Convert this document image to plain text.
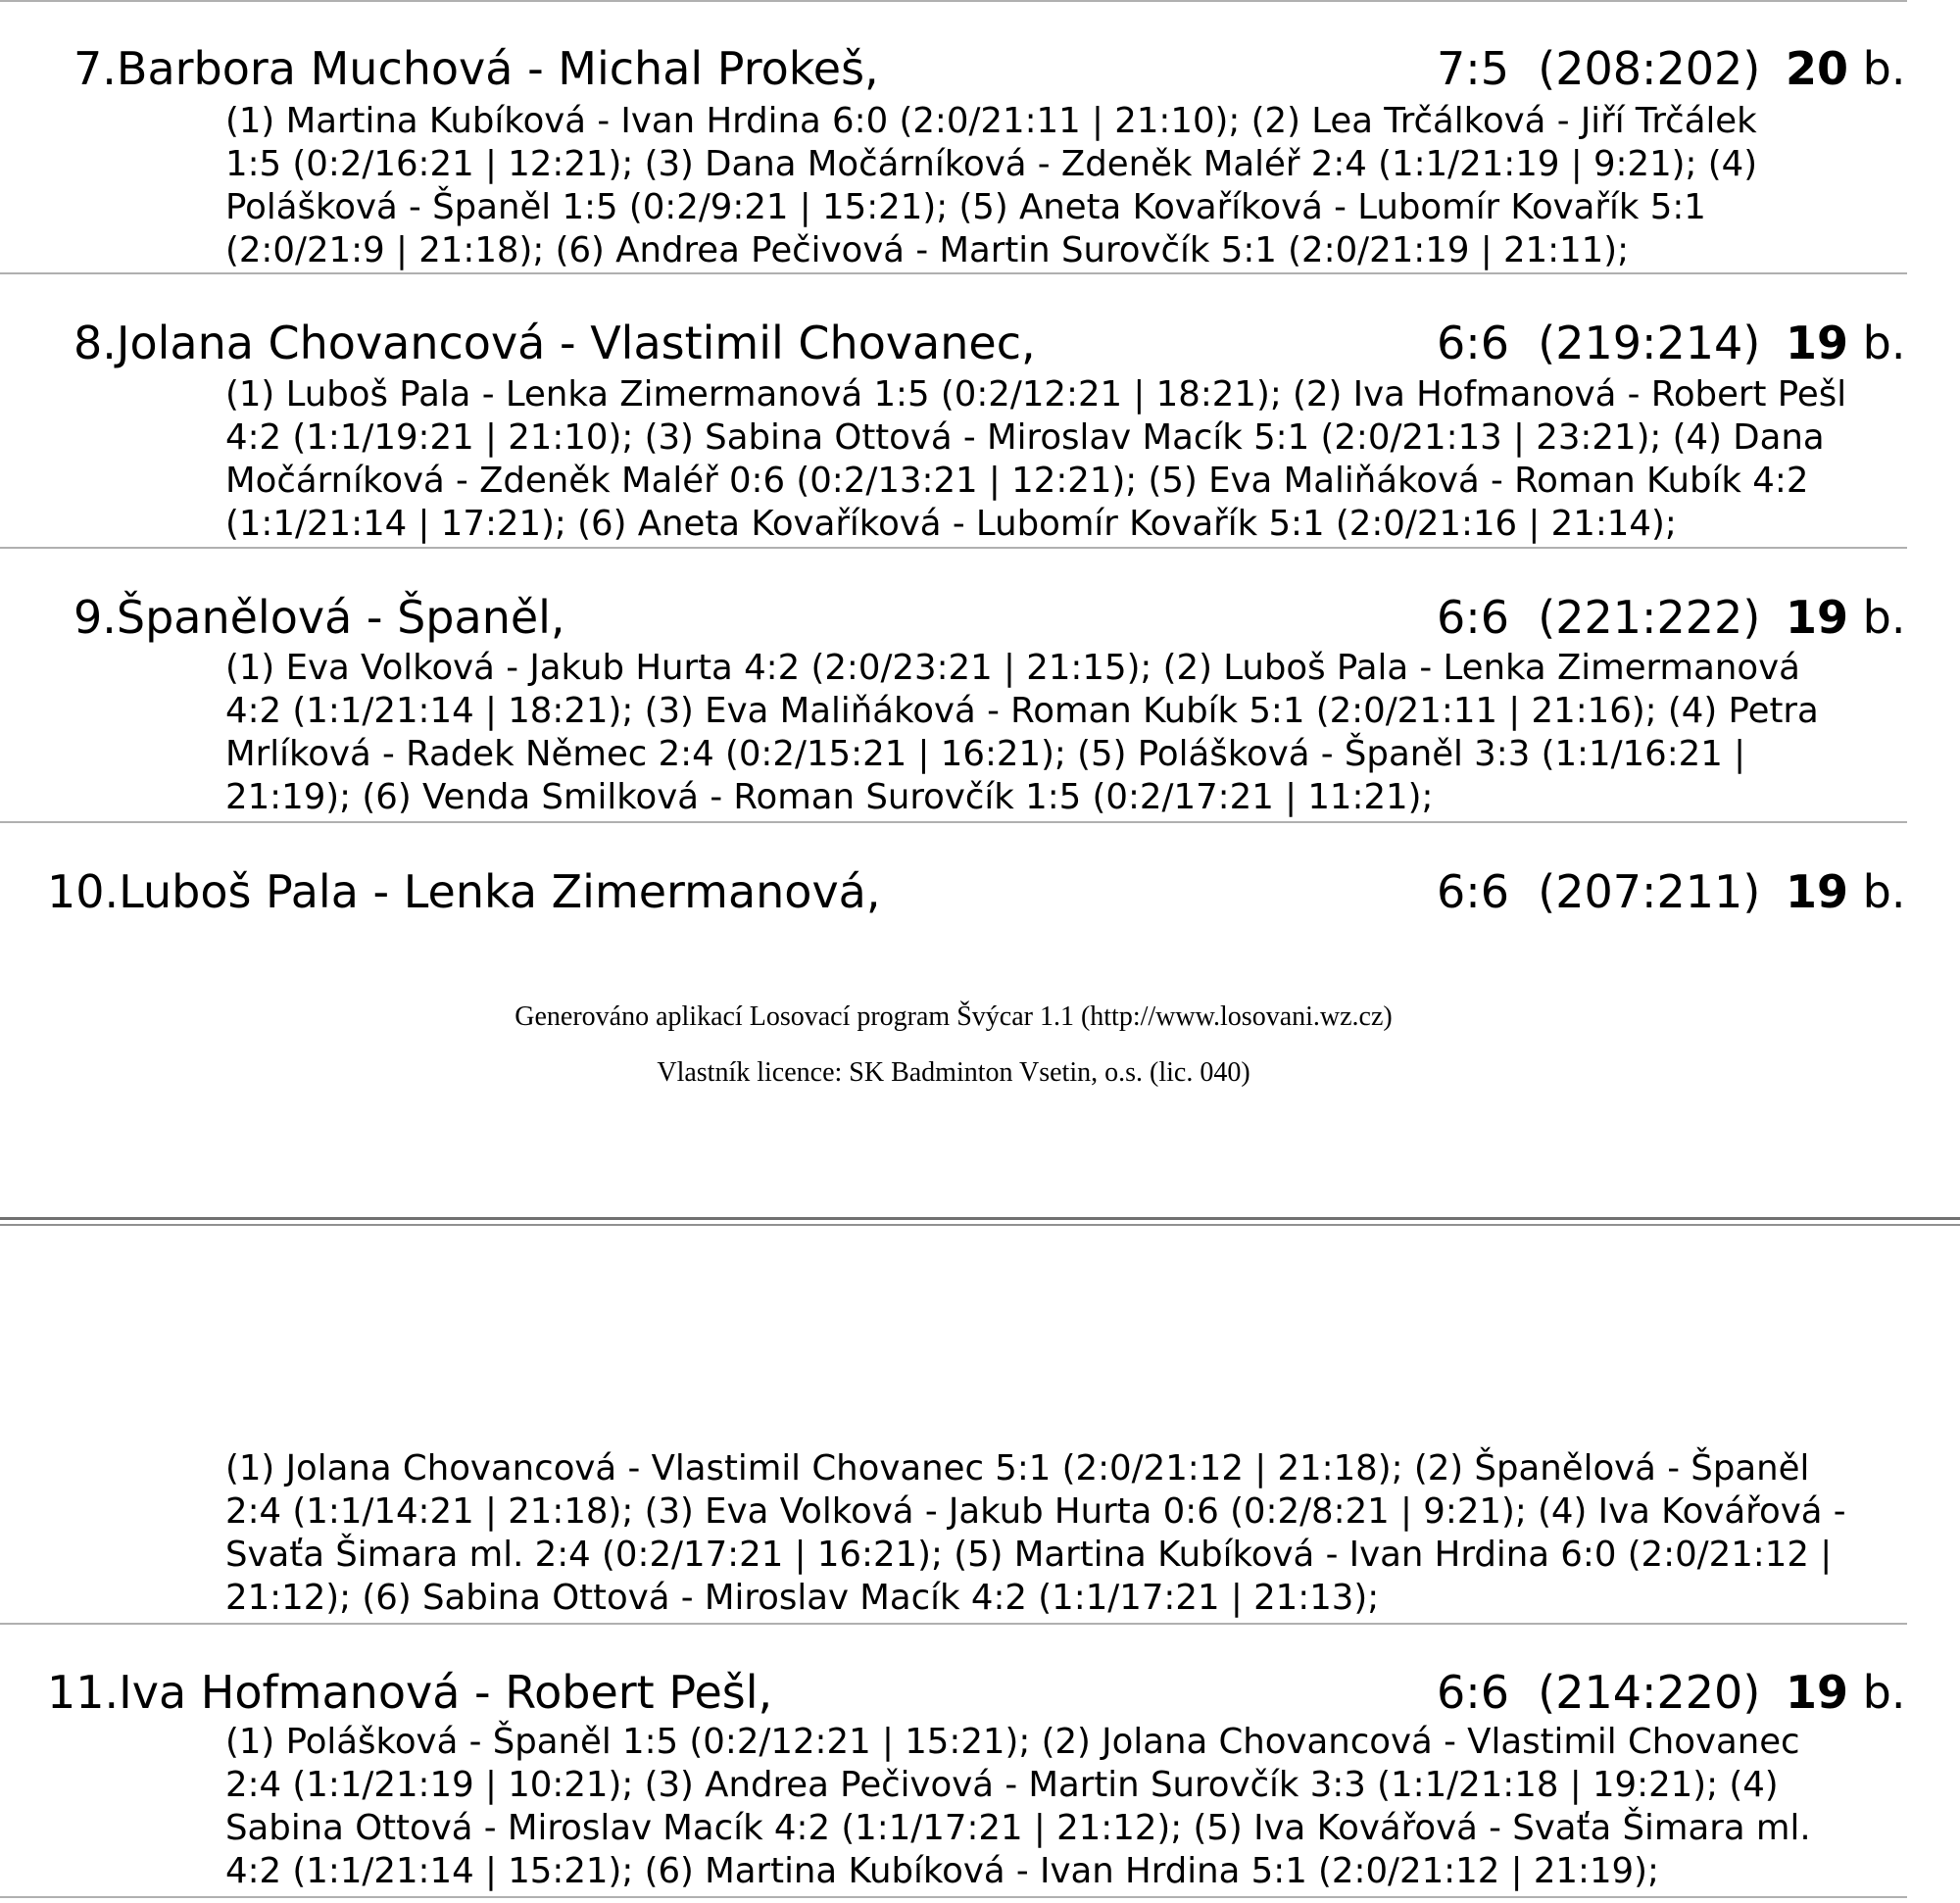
7.Barbora Muchová - Michal Prokeš,	7:5 (208:202) 20 b.
(1) Martina Kubíková - Ivan Hrdina 6:0 (2:0/21:11 | 21:10); (2) Lea Trčálková - Jiří Trčálek
1:5 (0:2/16:21 | 12:21); (3) Dana Močárníková - Zdeněk Maléř 2:4 (1:1/21:19 | 9:21); (4)
Polášková - Španěl 1:5 (0:2/9:21 | 15:21); (5) Aneta Kovaříková - Lubomír Kovařík 5:1
(2:0/21:9 | 21:18); (6) Andrea Pečivová - Martin Surovčík 5:1 (2:0/21:19 | 21:11);
8.Jolana Chovancová - Vlastimil Chovanec,	6:6 (219:214) 19 b.
(1) Luboš Pala - Lenka Zimermanová 1:5 (0:2/12:21 | 18:21); (2) Iva Hofmanová - Robert Pešl
4:2 (1:1/19:21 | 21:10); (3) Sabina Ottová - Miroslav Macík 5:1 (2:0/21:13 | 23:21); (4) Dana
Močárníková - Zdeněk Maléř 0:6 (0:2/13:21 | 12:21); (5) Eva Maliňáková - Roman Kubík 4:2
(1:1/21:14 | 17:21); (6) Aneta Kovaříková - Lubomír Kovařík 5:1 (2:0/21:16 | 21:14);
9.Španělová - Španěl,	6:6 (221:222) 19 b.
(1) Eva Volková - Jakub Hurta 4:2 (2:0/23:21 | 21:15); (2) Luboš Pala - Lenka Zimermanová
4:2 (1:1/21:14 | 18:21); (3) Eva Maliňáková - Roman Kubík 5:1 (2:0/21:11 | 21:16); (4) Petra
Mrlíková - Radek Němec 2:4 (0:2/15:21 | 16:21); (5) Polášková - Španěl 3:3 (1:1/16:21 |
21:19); (6) Venda Smilková - Roman Surovčík 1:5 (0:2/17:21 | 11:21);
10.Luboš Pala - Lenka Zimermanová,	6:6 (207:211) 19 b.
Generováno aplikací Losovací program Švýcar 1.1 (http://www.losovani.wz.cz)
Vlastník licence: SK Badminton Vsetin, o.s. (lic. 040)
(1) Jolana Chovancová - Vlastimil Chovanec 5:1 (2:0/21:12 | 21:18); (2) Španělová - Španěl
2:4 (1:1/14:21 | 21:18); (3) Eva Volková - Jakub Hurta 0:6 (0:2/8:21 | 9:21); (4) Iva Kovářová -
Svaťa Šimara ml. 2:4 (0:2/17:21 | 16:21); (5) Martina Kubíková - Ivan Hrdina 6:0 (2:0/21:12 |
21:12); (6) Sabina Ottová - Miroslav Macík 4:2 (1:1/17:21 | 21:13);
11.Iva Hofmanová - Robert Pešl,	6:6 (214:220) 19 b.
(1) Polášková - Španěl 1:5 (0:2/12:21 | 15:21); (2) Jolana Chovancová - Vlastimil Chovanec
2:4 (1:1/21:19 | 10:21); (3) Andrea Pečivová - Martin Surovčík 3:3 (1:1/21:18 | 19:21); (4)
Sabina Ottová - Miroslav Macík 4:2 (1:1/17:21 | 21:12); (5) Iva Kovářová - Svaťa Šimara ml.
4:2 (1:1/21:14 | 15:21); (6) Martina Kubíková - Ivan Hrdina 5:1 (2:0/21:12 | 21:19);
